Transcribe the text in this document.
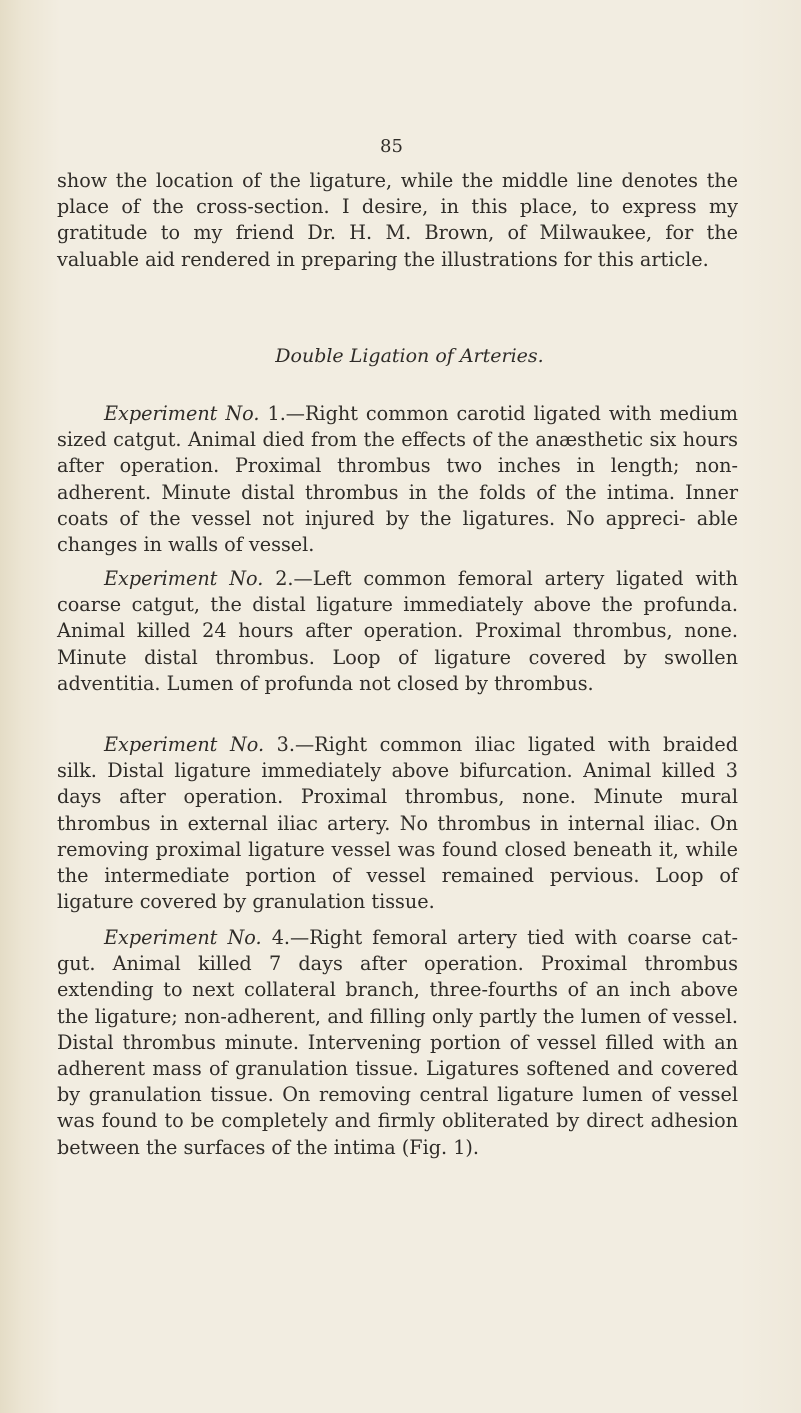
85

show the location of the ligature, while the middle line denotes the place of the cross-section. I desire, in this place, to express my gratitude to my friend Dr. H. M. Brown, of Milwaukee, for the valuable aid rendered in preparing the illustrations for this article.

Double Ligation of Arteries.

Experiment No. 1.—Right common carotid ligated with medium sized catgut. Animal died from the effects of the anæsthetic six hours after operation. Proximal thrombus two inches in length; non-adherent. Minute distal thrombus in the folds of the intima. Inner coats of the vessel not injured by the ligatures. No appreci- able changes in walls of vessel.

Experiment No. 2.—Left common femoral artery ligated with coarse catgut, the distal ligature immediately above the profunda. Animal killed 24 hours after operation. Proximal thrombus, none. Minute distal thrombus. Loop of ligature covered by swollen adventitia. Lumen of profunda not closed by thrombus.

Experiment No. 3.—Right common iliac ligated with braided silk. Distal ligature immediately above bifurcation. Animal killed 3 days after operation. Proximal thrombus, none. Minute mural thrombus in external iliac artery. No thrombus in internal iliac. On removing proximal ligature vessel was found closed beneath it, while the intermediate portion of vessel remained pervious. Loop of ligature covered by granulation tissue.

Experiment No. 4.—Right femoral artery tied with coarse cat- gut. Animal killed 7 days after operation. Proximal thrombus extending to next collateral branch, three-fourths of an inch above the ligature; non-adherent, and filling only partly the lumen of vessel. Distal thrombus minute. Intervening portion of vessel filled with an adherent mass of granulation tissue. Ligatures softened and covered by granulation tissue. On removing central ligature lumen of vessel was found to be completely and firmly obliterated by direct adhesion between the surfaces of the intima (Fig. 1).
